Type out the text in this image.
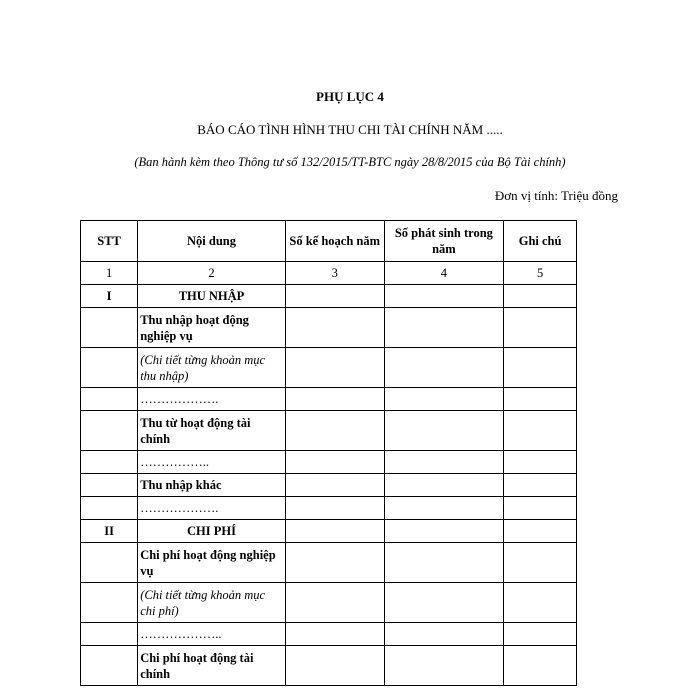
PHỤ LỤC 4
BÁO CÁO TÌNH HÌNH THU CHI TÀI CHÍNH NĂM .....
(Ban hành kèm theo Thông tư số 132/2015/TT-BTC ngày 28/8/2015 của Bộ Tài chính)
Đơn vị tính: Triệu đồng
STT	Nội dung	Số kế hoạch năm	Số phát sinh trong năm	Ghi chú
1	2	3	4	5
I	THU NHẬP			
	Thu nhập hoạt động nghiệp vụ			
	(Chi tiết từng khoản mục thu nhập)			
	……………….			
	Thu từ hoạt động tài chính			
	……………..			
	Thu nhập khác			
	……………….			
II	CHI PHÍ			
	Chi phí hoạt động nghiệp vụ			
	(Chi tiết từng khoản mục chi phí)			
	………………..			
	Chi phí hoạt động tài chính			
